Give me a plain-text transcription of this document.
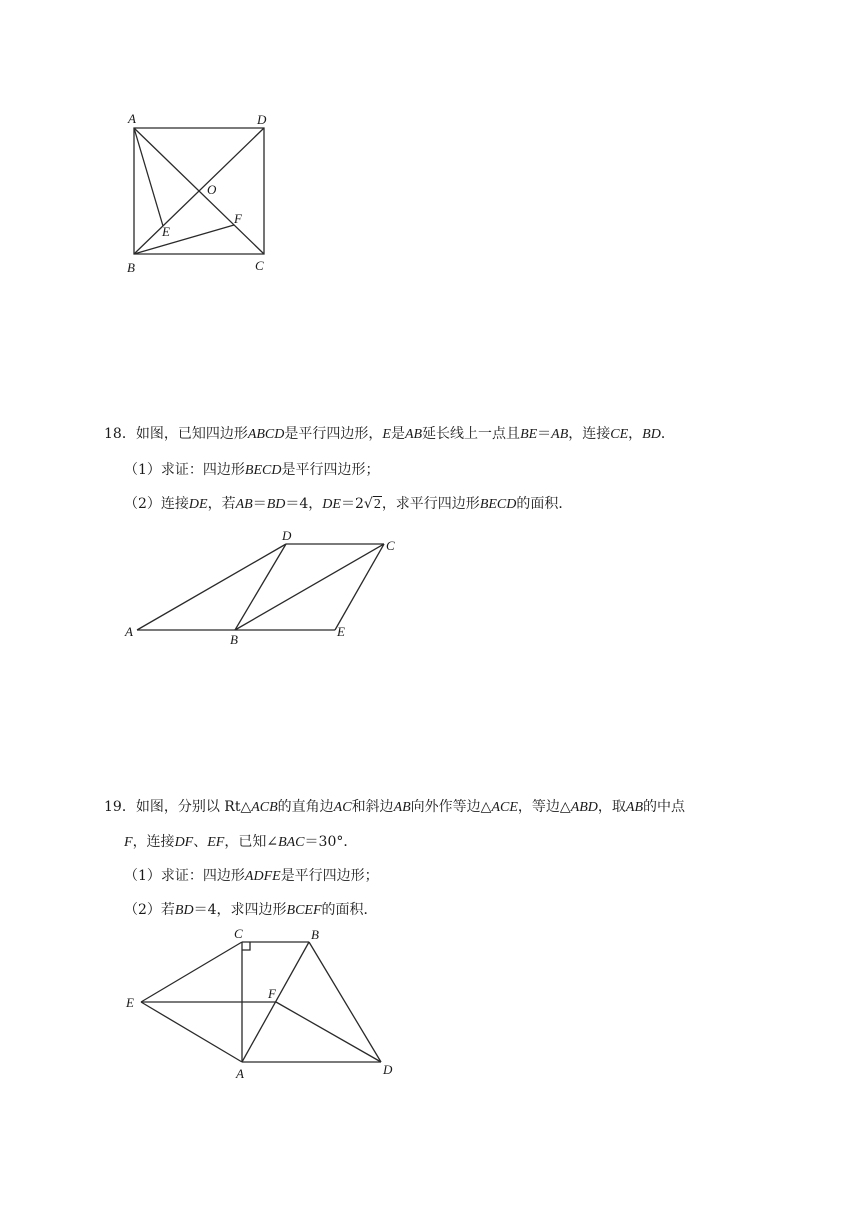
A	D
O
F
E
B	C
18．如图，已知四边形ABCD是平行四边形，E是AB延长线上一点且BE＝AB，连接CE，BD．
（1）求证：四边形BECD是平行四边形；
（2）连接DE，若AB＝BD＝4，DE＝2√2，求平行四边形BECD的面积．
D
C
A
B
E
19．如图，分别以 Rt△ACB的直角边AC和斜边AB向外作等边△ACE，等边△ABD，取AB的中点
F，连接DF、EF，已知∠BAC＝30°．
（1）求证：四边形ADFE是平行四边形；
（2）若BD＝4，求四边形BCEF的面积．
C	B
E
F
A	D
